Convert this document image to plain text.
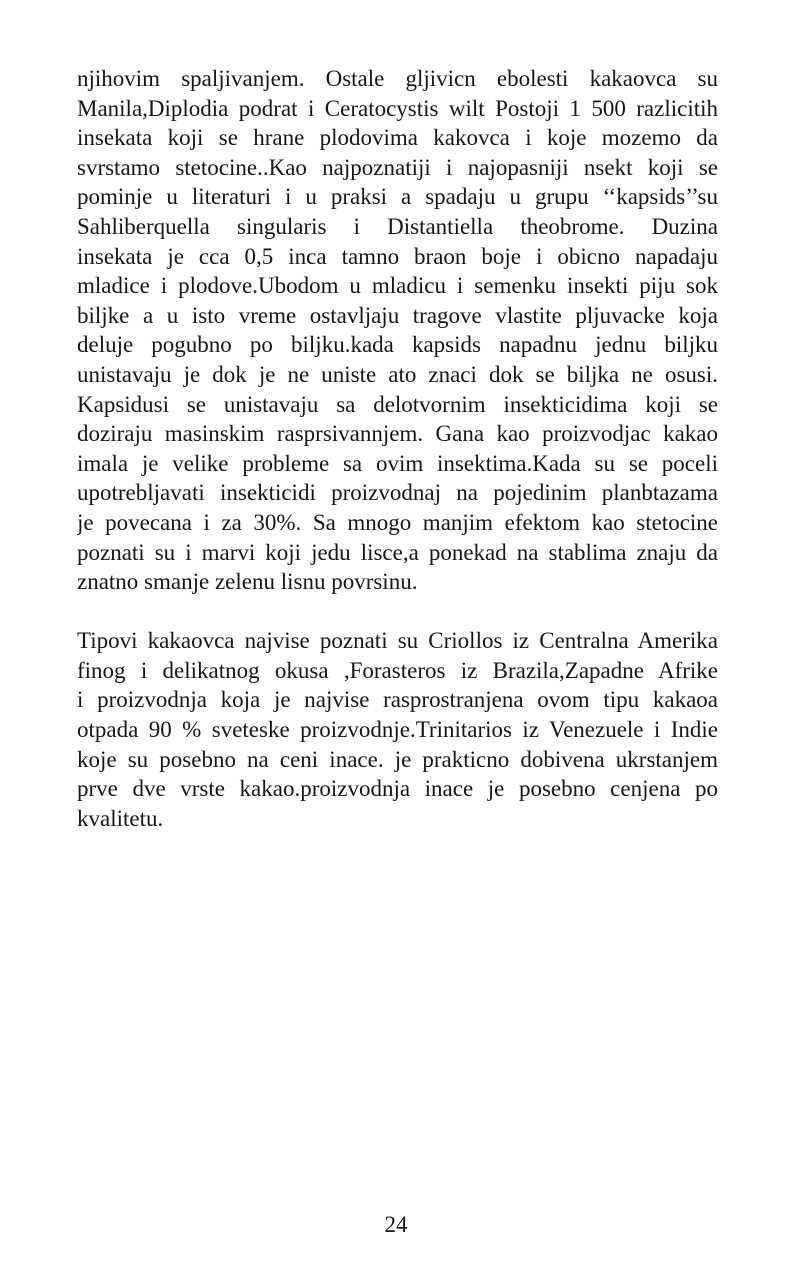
njihovim spaljivanjem. Ostale gljivicn ebolesti kakaovca su
Manila,Diplodia podrat i Ceratocystis wilt Postoji 1 500 razlicitih
insekata koji se hrane plodovima kakovca i koje mozemo da
svrstamo stetocine..Kao najpoznatiji i najopasniji nsekt koji se
pominje u literaturi i u praksi a spadaju u grupu ‘‘kapsids’’su
Sahliberquella singularis i Distantiella theobrome. Duzina
insekata je cca 0,5 inca tamno braon boje i obicno napadaju
mladice i plodove.Ubodom u mladicu i semenku insekti piju sok
biljke a u isto vreme ostavljaju tragove vlastite pljuvacke koja
deluje pogubno po biljku.kada kapsids napadnu jednu biljku
unistavaju je dok je ne uniste ato znaci dok se biljka ne osusi.
Kapsidusi se unistavaju sa delotvornim insekticidima koji se
doziraju masinskim rasprsivannjem. Gana kao proizvodjac kakao
imala je velike probleme sa ovim insektima.Kada su se poceli
upotrebljavati insekticidi proizvodnaj na pojedinim planbtazama
je povecana i za 30%. Sa mnogo manjim efektom kao stetocine
poznati su i marvi koji jedu lisce,a ponekad na stablima znaju da
znatno smanje zelenu lisnu povrsinu.
Tipovi kakaovca najvise poznati su Criollos iz Centralna Amerika
finog i delikatnog okusa ,Forasteros iz Brazila,Zapadne Afrike
i proizvodnja koja je najvise rasprostranjena ovom tipu kakaoa
otpada 90 % sveteske proizvodnje.Trinitarios iz Venezuele i Indie
koje su posebno na ceni inace. je prakticno dobivena ukrstanjem
prve dve vrste kakao.proizvodnja inace je posebno cenjena po
kvalitetu.
24
